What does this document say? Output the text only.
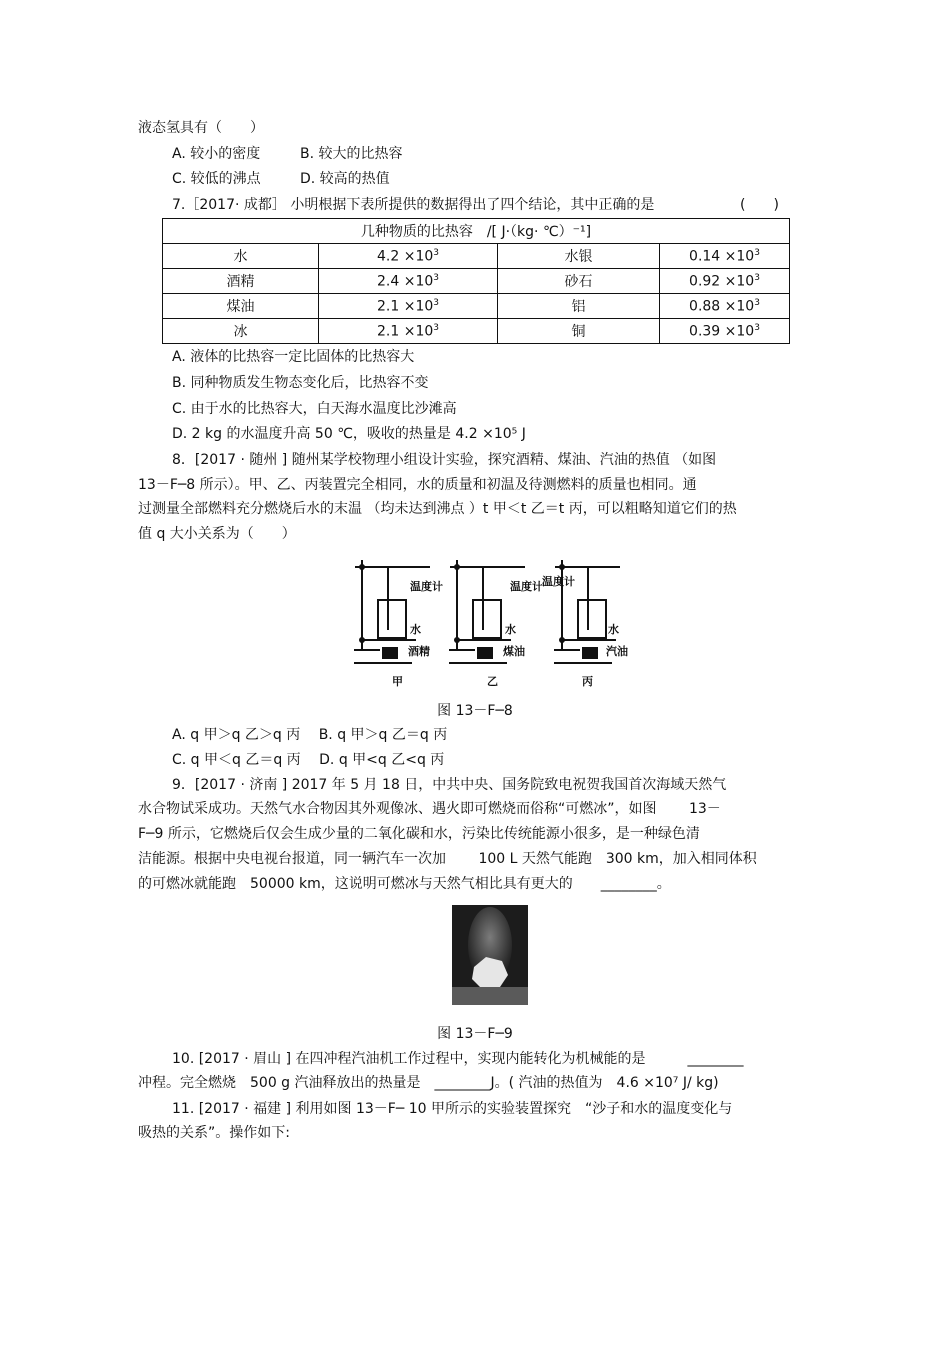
液态氢具有（　　）
A. 较小的密度	B. 较大的比热容
C. 较低的沸点	D. 较高的热值
7.［2017· 成都］ 小明根据下表所提供的数据得出了四个结论，其中正确的是	(　　)
几种物质的比热容　/[ J·（kg· ℃）⁻¹]			
水	$4.2 \times 10^3$	水银	$0.14 \times 10^3$
酒精	$2.4 \times 10^3$	砂石	$0.92 \times 10^3$
煤油	$2.1 \times 10^3$	铝	$0.88 \times 10^3$
冰	$2.1 \times 10^3$	铜	$0.39 \times 10^3$
A. 液体的比热容一定比固体的比热容大
B. 同种物质发生物态变化后，比热容不变
C. 由于水的比热容大，白天海水温度比沙滩高
D. 2 kg 的水温度升高 50 ℃，吸收的热量是 4.2 ×10⁵ J
8．[2017 · 随州 ] 随州某学校物理小组设计实验，探究酒精、煤油、汽油的热值 （如图
13－F─8 所示）。甲、乙、丙装置完全相同，水的质量和初温及待测燃料的质量也相同。通
过测量全部燃料充分燃烧后水的末温 （均未达到沸点 ）t 甲＜t 乙＝t 丙，可以粗略知道它们的热
值 q 大小关系为（　　）
温度计	温度计 温度计
水	水	水
酒精	煤油	汽油
甲	乙	丙
图 13－F─8
A. q 甲＞q 乙＞q 丙　 B. q 甲＞q 乙＝q 丙
C. q 甲＜q 乙＝q 丙　 D. q 甲<q 乙<q 丙
9．[2017 · 济南 ] 2017 年 5 月 18 日，中共中央、国务院致电祝贺我国首次海域天然气
水合物试采成功。天然气水合物因其外观像冰、遇火即可燃烧而俗称“可燃冰”，如图　　 13－
F─9 所示，它燃烧后仅会生成少量的二氧化碳和水，污染比传统能源小很多，是一种绿色清
洁能源。根据中央电视台报道，同一辆汽车一次加　　 100 L 天然气能跑　300 km，加入相同体积
的可燃冰就能跑　50000 km，这说明可燃冰与天然气相比具有更大的　　________。
图 13－F─9
10. [2017 · 眉山 ] 在四冲程汽油机工作过程中，实现内能转化为机械能的是　　　________
冲程。完全燃烧　500 g 汽油释放出的热量是　________J。( 汽油的热值为　4.6 ×10⁷ J/ kg)
11. [2017 · 福建 ] 利用如图 13－F─ 10 甲所示的实验装置探究　“沙子和水的温度变化与
吸热的关系”。操作如下:
